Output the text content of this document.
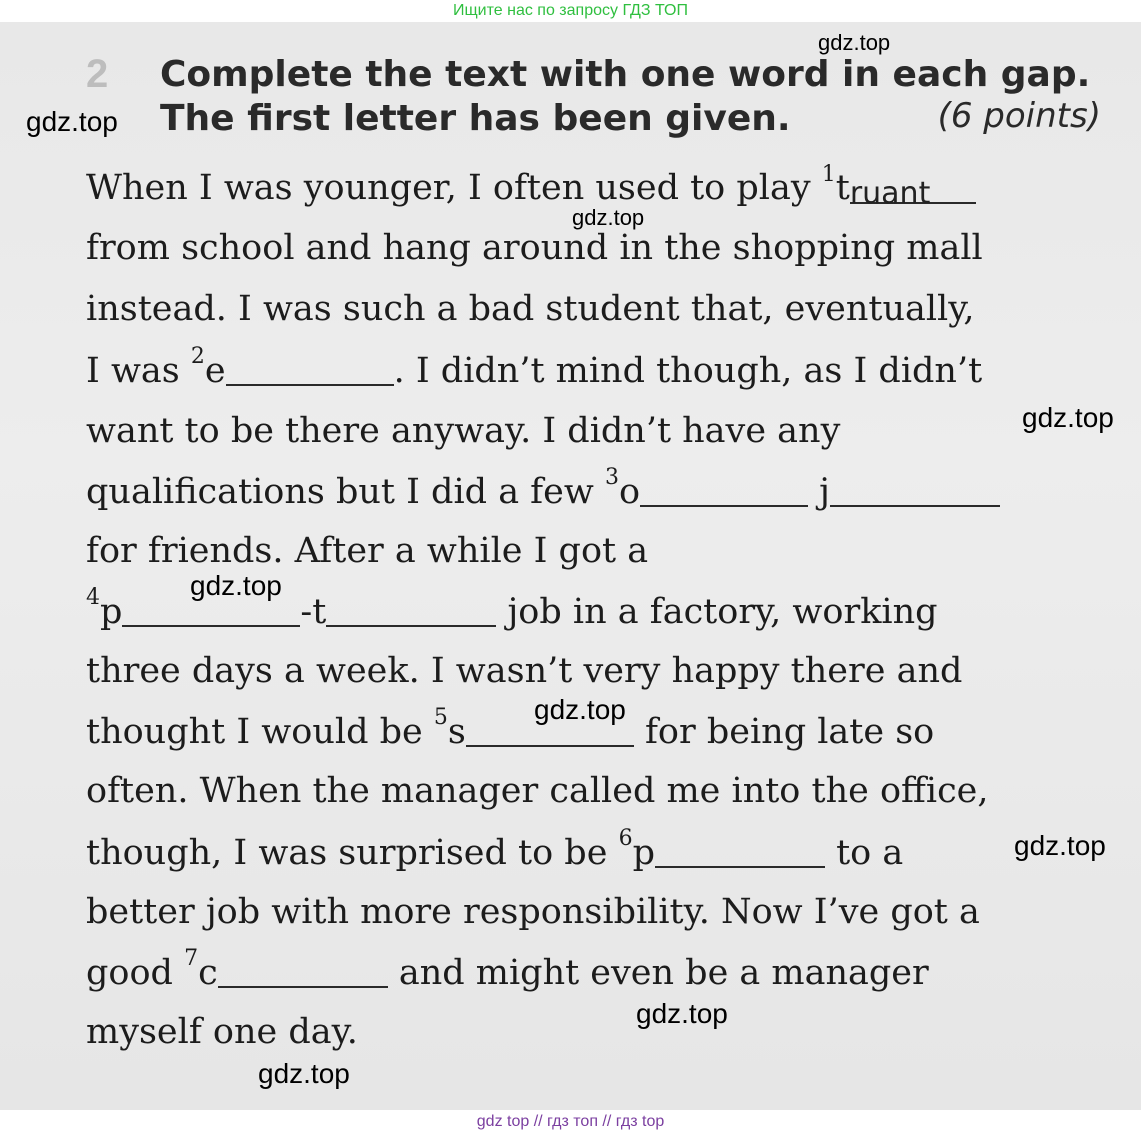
Ищите нас по запросу ГДЗ ТОП
2 Complete the text with one word in each gap.
The first letter has been given.	(6 points)
When I was younger, I often used to play $^1$truant
from school and hang around in the shopping mall
instead. I was such a bad student that, eventually,
I was $^2$e	. I didn’t mind though, as I didn’t
want to be there anyway. I didn’t have any
qualifications but I did a few $^3$o	j
for friends. After a while I got a
$^4$p	-t	job in a factory, working
three days a week. I wasn’t very happy there and
thought I would be $^5$s	for being late so
often. When the manager called me into the office,
though, I was surprised to be $^6$p	to a
better job with more responsibility. Now I’ve got a
good $^7$c	and might even be a manager
myself one day.
gdz.top
gdz.top
gdz.top
gdz.top
gdz.top
gdz.top
gdz.top
gdz.top
gdz.top
gdz top // гдз топ // гдз top
